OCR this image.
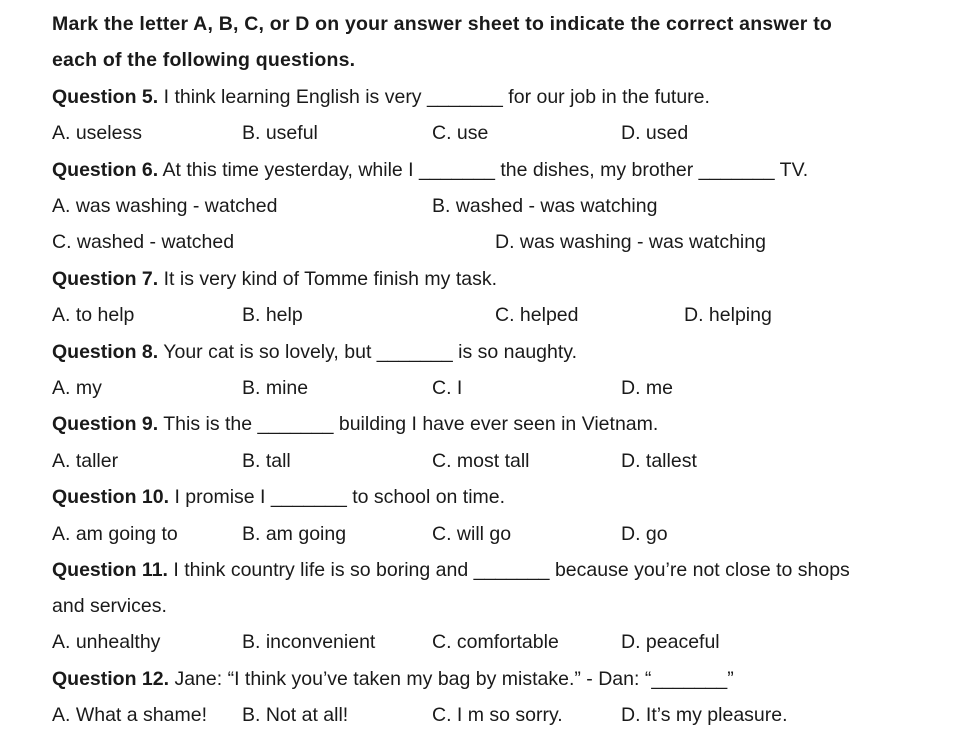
Mark the letter A, B, C, or D on your answer sheet to indicate the correct answer to
each of the following questions.
Question 5. I think learning English is very _______ for our job in the future.
A. useless	B. useful	C. use	D. used
Question 6. At this time yesterday, while I _______ the dishes, my brother _______ TV.
A. was washing - watched	B. washed - was watching
C. washed - watched	D. was washing - was watching
Question 7. It is very kind of Tomme finish my task.
A. to help	B. help	C. helped	D. helping
Question 8. Your cat is so lovely, but _______ is so naughty.
A. my	B. mine	C. I	D. me
Question 9. This is the _______ building I have ever seen in Vietnam.
A. taller	B. tall	C. most tall	D. tallest
Question 10. I promise I _______ to school on time.
A. am going to	B. am going	C. will go	D. go
Question 11. I think country life is so boring and _______ because you’re not close to shops
and services.
A. unhealthy	B. inconvenient	C. comfortable	D. peaceful
Question 12. Jane: “I think you’ve taken my bag by mistake.” - Dan: “_______”
A. What a shame! B. Not at all!	C. I m so sorry.	D. It’s my pleasure.
